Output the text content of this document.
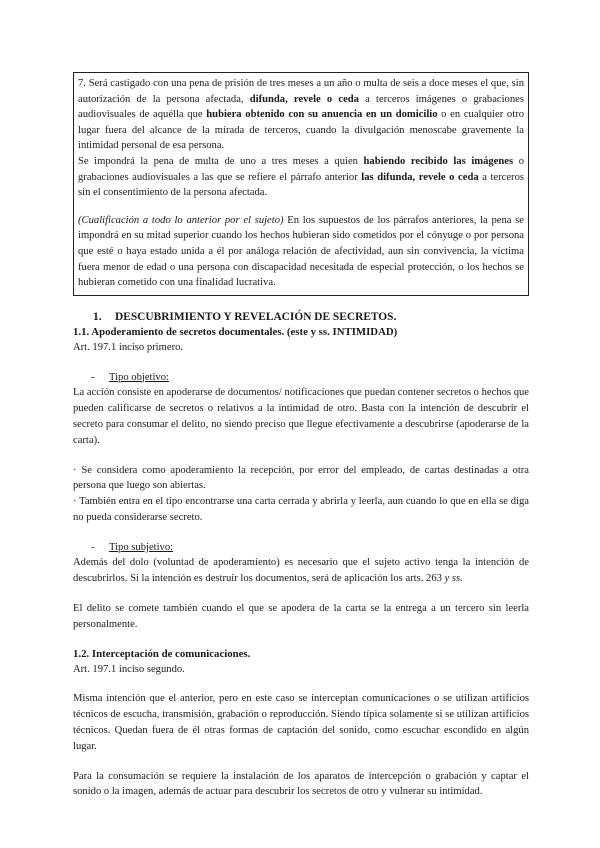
7. Será castigado con una pena de prisión de tres meses a un año o multa de seis a doce meses el que, sin autorización de la persona afectada, difunda, revele o ceda a terceros imágenes o grabaciones audiovisuales de aquélla que hubiera obtenido con su anuencia en un domicilio o en cualquier otro lugar fuera del alcance de la mirada de terceros, cuando la divulgación menoscabe gravemente la intimidad personal de esa persona.

Se impondrá la pena de multa de uno a tres meses a quien habiendo recibido las imágenes o grabaciones audiovisuales a las que se refiere el párrafo anterior las difunda, revele o ceda a terceros sin el consentimiento de la persona afectada.

(Cualificación a todo lo anterior por el sujeto) En los supuestos de los párrafos anteriores, la pena se impondrá en su mitad superior cuando los hechos hubieran sido cometidos por el cónyuge o por persona que esté o haya estado unida a él por análoga relación de afectividad, aun sin convivencia, la víctima fuera menor de edad o una persona con discapacidad necesitada de especial protección, o los hechos se hubieran cometido con una finalidad lucrativa.

1. DESCUBRIMIENTO Y REVELACIÓN DE SECRETOS.

1.1. Apoderamiento de secretos documentales. (este y ss. INTIMIDAD)

Art. 197.1 inciso primero.

- Tipo objetivo:

La acción consiste en apoderarse de documentos/ notificaciones que puedan contener secretos o hechos que pueden calificarse de secretos o relativos a la intimidad de otro. Basta con la intención de descubrir el secreto para consumar el delito, no siendo preciso que llegue efectivamente a descubrirse (apoderarse de la carta).

· Se considera como apoderamiento la recepción, por error del empleado, de cartas destinadas a otra persona que luego son abiertas.

· También entra en el tipo encontrarse una carta cerrada y abrirla y leerla, aun cuando lo que en ella se diga no pueda considerarse secreto.

- Tipo subjetivo:

Además del dolo (voluntad de apoderamiento) es necesario que el sujeto activo tenga la intención de descubrirlos. Si la intención es destruir los documentos, será de aplicación los arts. 263 y ss.

El delito se comete también cuando el que se apodera de la carta se la entrega a un tercero sin leerla personalmente.

1.2. Interceptación de comunicaciones.

Art. 197.1 inciso segundo.

Misma intención que el anterior, pero en este caso se interceptan comunicaciones o se utilizan artificios técnicos de escucha, transmisión, grabación o reproducción. Siendo típica solamente si se utilizan artificios técnicos. Quedan fuera de él otras formas de captación del sonido, como escuchar escondido en algún lugar.

Para la consumación se requiere la instalación de los aparatos de intercepción o grabación y captar el sonido o la imagen, además de actuar para descubrir los secretos de otro y vulnerar su intimidad.
